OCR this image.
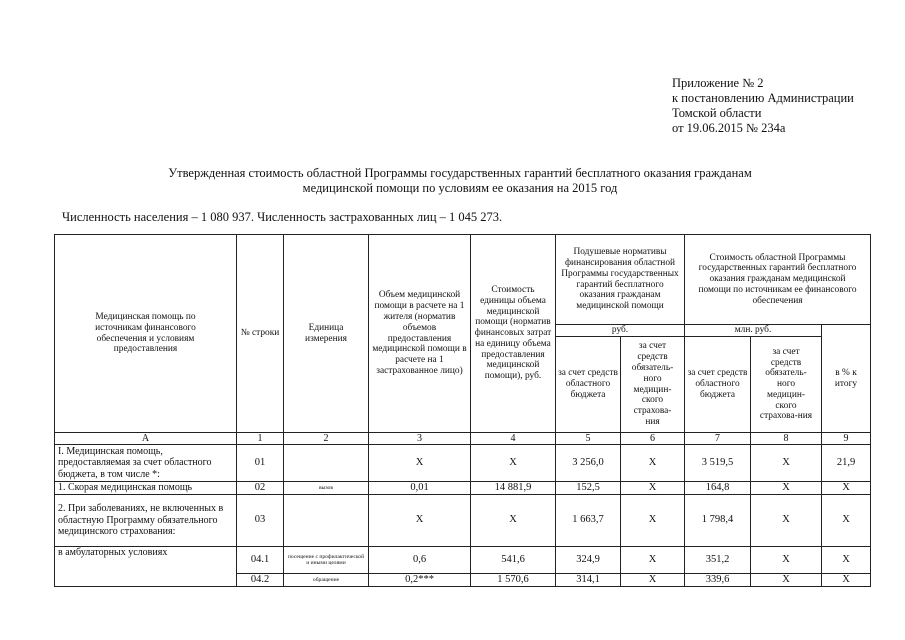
Приложение № 2
к постановлению Администрации
Томской области
от 19.06.2015 № 234а
Утвержденная стоимость областной Программы государственных гарантий бесплатного оказания гражданам
медицинской помощи по условиям ее оказания на 2015 год
Численность населения – 1 080 937. Численность застрахованных лиц – 1 045 273.
Медицинская помощь по источникам финансового обеспечения и условиям предоставления	№ строки	Единица измерения	Объем медицинской помощи в расчете на 1 жителя (норматив объемов предоставления медицинской помощи в расчете на 1 застрахованное лицо)	Стоимость единицы объема медицинской помощи (норматив финансовых затрат на единицу объема предоставления медицинской помощи), руб.	Подушевые нормативы финансирования областной Программы государственных гарантий бесплатного оказания гражданам медицинской помощи		Стоимость областной Программы государственных гарантий бесплатного оказания гражданам медицинской помощи по источникам ее финансового обеспечения		
					руб.		млн. руб.		в % к итогу

					за счет средств областного бюджета	за счет средств обязатель-ного медицин-ского страхова-ния	за счет средств областного бюджета	за счет средств обязатель-ного медицин-ского страхова-ния	
А	1	2	3	4	5	6	7	8	9
I. Медицинская помощь, предоставляемая за счет областного бюджета, в том числе *:	01		X	X	3 256,0	X	3 519,5	X	21,9
1. Скорая медицинская помощь	02	вызов	0,01	14 881,9	152,5	X	164,8	X	X
2. При заболеваниях, не включенных в областную Программу обязательного медицинского страхования:	03		X	X	1 663,7	X	1 798,4	X	X
в амбулаторных условиях	04.1	посещение с профилактической и иными целями	0,6	541,6	324,9	X	351,2	X	X
	04.2	обращение	0,2***	1 570,6	314,1	X	339,6	X	X
